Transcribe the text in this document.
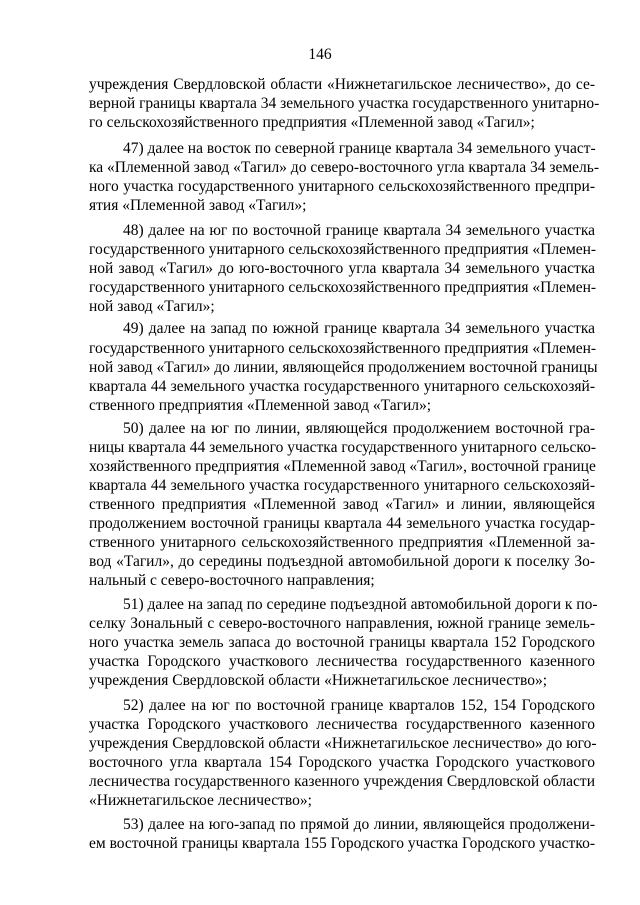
146
учреждения Свердловской области «Нижнетагильское лесничество», до се-
верной границы квартала 34 земельного участка государственного унитарно-
го сельскохозяйственного предприятия «Племенной завод «Тагил»;
47) далее на восток по северной границе квартала 34 земельного участ-
ка «Племенной завод «Тагил» до северо-восточного угла квартала 34 земель-
ного участка государственного унитарного сельскохозяйственного предпри-
ятия «Племенной завод «Тагил»;
48) далее на юг по восточной границе квартала 34 земельного участка
государственного унитарного сельскохозяйственного предприятия «Племен-
ной завод «Тагил» до юго-восточного угла квартала 34 земельного участка
государственного унитарного сельскохозяйственного предприятия «Племен-
ной завод «Тагил»;
49) далее на запад по южной границе квартала 34 земельного участка
государственного унитарного сельскохозяйственного предприятия «Племен-
ной завод «Тагил» до линии, являющейся продолжением восточной границы
квартала 44 земельного участка государственного унитарного сельскохозяй-
ственного предприятия «Племенной завод «Тагил»;
50) далее на юг по линии, являющейся продолжением восточной гра-
ницы квартала 44 земельного участка государственного унитарного сельско-
хозяйственного предприятия «Племенной завод «Тагил», восточной границе
квартала 44 земельного участка государственного унитарного сельскохозяй-
ственного предприятия «Племенной завод «Тагил» и линии, являющейся
продолжением восточной границы квартала 44 земельного участка государ-
ственного унитарного сельскохозяйственного предприятия «Племенной за-
вод «Тагил», до середины подъездной автомобильной дороги к поселку Зо-
нальный с северо-восточного направления;
51) далее на запад по середине подъездной автомобильной дороги к по-
селку Зональный с северо-восточного направления, южной границе земель-
ного участка земель запаса до восточной границы квартала 152 Городского
участка Городского участкового лесничества государственного казенного
учреждения Свердловской области «Нижнетагильское лесничество»;
52) далее на юг по восточной границе кварталов 152, 154 Городского
участка Городского участкового лесничества государственного казенного
учреждения Свердловской области «Нижнетагильское лесничество» до юго-
восточного угла квартала 154 Городского участка Городского участкового
лесничества государственного казенного учреждения Свердловской области
«Нижнетагильское лесничество»;
53) далее на юго-запад по прямой до линии, являющейся продолжени-
ем восточной границы квартала 155 Городского участка Городского участко-
